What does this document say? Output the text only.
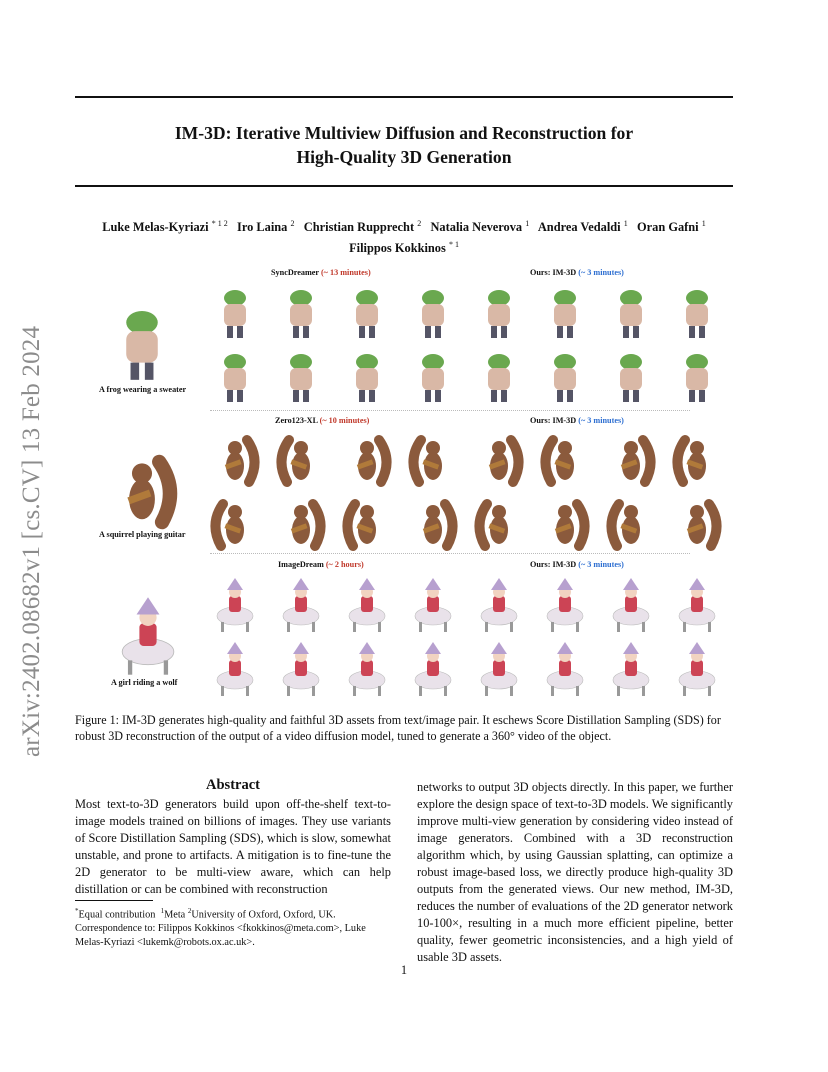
arXiv:2402.08682v1 [cs.CV] 13 Feb 2024
IM-3D: Iterative Multiview Diffusion and Reconstruction for
High-Quality 3D Generation
Luke Melas-Kyriazi $^{* 1 2}$ Iro Laina $^2$ Christian Rupprecht $^2$ Natalia Neverova $^1$ Andrea Vedaldi $^1$ Oran Gafni $^1$
Filippos Kokkinos $^{* 1}$
SyncDreamer (~ 13 minutes)	Ours: IM-3D (~ 3 minutes)
A frog wearing a sweater
Zero123-XL (~ 10 minutes)	Ours: IM-3D (~ 3 minutes)
A squirrel playing guitar
ImageDream (~ 2 hours)	Ours: IM-3D (~ 3 minutes)
A girl riding a wolf
Figure 1: IM-3D generates high-quality and faithful 3D assets from text/image pair. It eschews Score Distillation Sampling (SDS) for robust 3D reconstruction of the output of a video diffusion model, tuned to generate a 360° video of the object.
Abstract
Most text-to-3D generators build upon off-the-shelf text-to-image models trained on billions of images. They use variants of Score Distillation Sampling (SDS), which is slow, somewhat unstable, and prone to artifacts. A mitigation is to fine-tune the 2D generator to be multi-view aware, which can help distillation or can be combined with reconstruction
networks to output 3D objects directly. In this paper, we further explore the design space of text-to-3D models. We significantly improve multi-view generation by considering video instead of image generators. Combined with a 3D reconstruction algorithm which, by using Gaussian splatting, can optimize a robust image-based loss, we directly produce high-quality 3D outputs from the generated views. Our new method, IM-3D, reduces the number of evaluations of the 2D generator network 10-100×, resulting in a much more efficient pipeline, better quality, fewer geometric inconsistencies, and a high yield of usable 3D assets.
*Equal contribution $^1$Meta $^2$University of Oxford, Oxford, UK.
Correspondence to: Filippos Kokkinos <fkokkinos@meta.com>, Luke Melas-Kyriazi <lukemk@robots.ox.ac.uk>.
1
